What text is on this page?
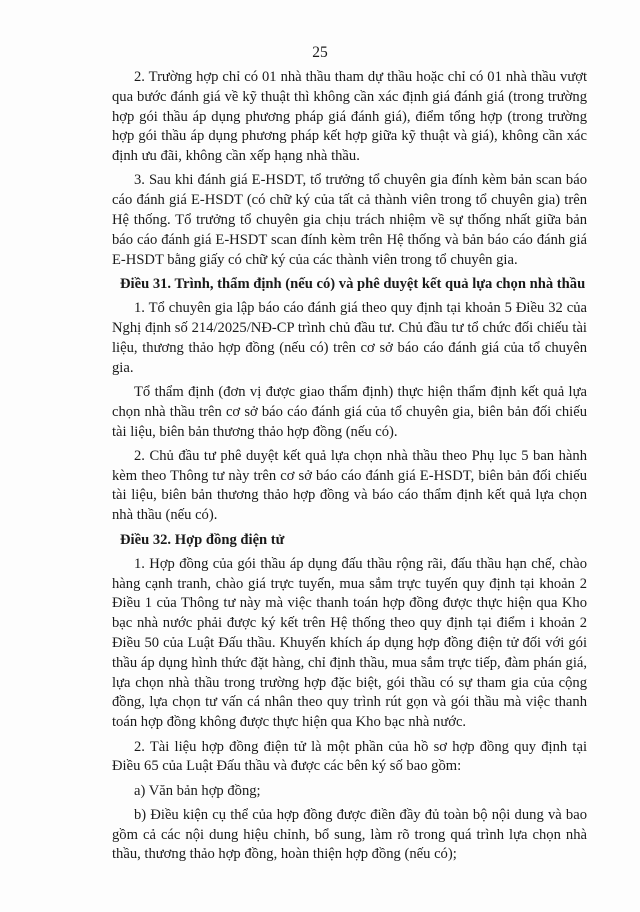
25

2. Trường hợp chỉ có 01 nhà thầu tham dự thầu hoặc chỉ có 01 nhà thầu vượt qua bước đánh giá về kỹ thuật thì không cần xác định giá đánh giá (trong trường hợp gói thầu áp dụng phương pháp giá đánh giá), điểm tổng hợp (trong trường hợp gói thầu áp dụng phương pháp kết hợp giữa kỹ thuật và giá), không cần xác định ưu đãi, không cần xếp hạng nhà thầu.

3. Sau khi đánh giá E-HSDT, tổ trưởng tổ chuyên gia đính kèm bản scan báo cáo đánh giá E-HSDT (có chữ ký của tất cả thành viên trong tổ chuyên gia) trên Hệ thống. Tổ trưởng tổ chuyên gia chịu trách nhiệm về sự thống nhất giữa bản báo cáo đánh giá E-HSDT scan đính kèm trên Hệ thống và bản báo cáo đánh giá E-HSDT bằng giấy có chữ ký của các thành viên trong tổ chuyên gia.

Điều 31. Trình, thẩm định (nếu có) và phê duyệt kết quả lựa chọn nhà thầu

1. Tổ chuyên gia lập báo cáo đánh giá theo quy định tại khoản 5 Điều 32 của Nghị định số 214/2025/NĐ-CP trình chủ đầu tư. Chủ đầu tư tổ chức đối chiếu tài liệu, thương thảo hợp đồng (nếu có) trên cơ sở báo cáo đánh giá của tổ chuyên gia.

Tổ thẩm định (đơn vị được giao thẩm định) thực hiện thẩm định kết quả lựa chọn nhà thầu trên cơ sở báo cáo đánh giá của tổ chuyên gia, biên bản đối chiếu tài liệu, biên bản thương thảo hợp đồng (nếu có).

2. Chủ đầu tư phê duyệt kết quả lựa chọn nhà thầu theo Phụ lục 5 ban hành kèm theo Thông tư này trên cơ sở báo cáo đánh giá E-HSDT, biên bản đối chiếu tài liệu, biên bản thương thảo hợp đồng và báo cáo thẩm định kết quả lựa chọn nhà thầu (nếu có).

Điều 32. Hợp đồng điện tử

1. Hợp đồng của gói thầu áp dụng đấu thầu rộng rãi, đấu thầu hạn chế, chào hàng cạnh tranh, chào giá trực tuyến, mua sắm trực tuyến quy định tại khoản 2 Điều 1 của Thông tư này mà việc thanh toán hợp đồng được thực hiện qua Kho bạc nhà nước phải được ký kết trên Hệ thống theo quy định tại điểm i khoản 2 Điều 50 của Luật Đấu thầu. Khuyến khích áp dụng hợp đồng điện tử đối với gói thầu áp dụng hình thức đặt hàng, chỉ định thầu, mua sắm trực tiếp, đàm phán giá, lựa chọn nhà thầu trong trường hợp đặc biệt, gói thầu có sự tham gia của cộng đồng, lựa chọn tư vấn cá nhân theo quy trình rút gọn và gói thầu mà việc thanh toán hợp đồng không được thực hiện qua Kho bạc nhà nước.

2. Tài liệu hợp đồng điện tử là một phần của hồ sơ hợp đồng quy định tại Điều 65 của Luật Đấu thầu và được các bên ký số bao gồm:

a) Văn bản hợp đồng;

b) Điều kiện cụ thể của hợp đồng được điền đầy đủ toàn bộ nội dung và bao gồm cả các nội dung hiệu chỉnh, bổ sung, làm rõ trong quá trình lựa chọn nhà thầu, thương thảo hợp đồng, hoàn thiện hợp đồng (nếu có);
